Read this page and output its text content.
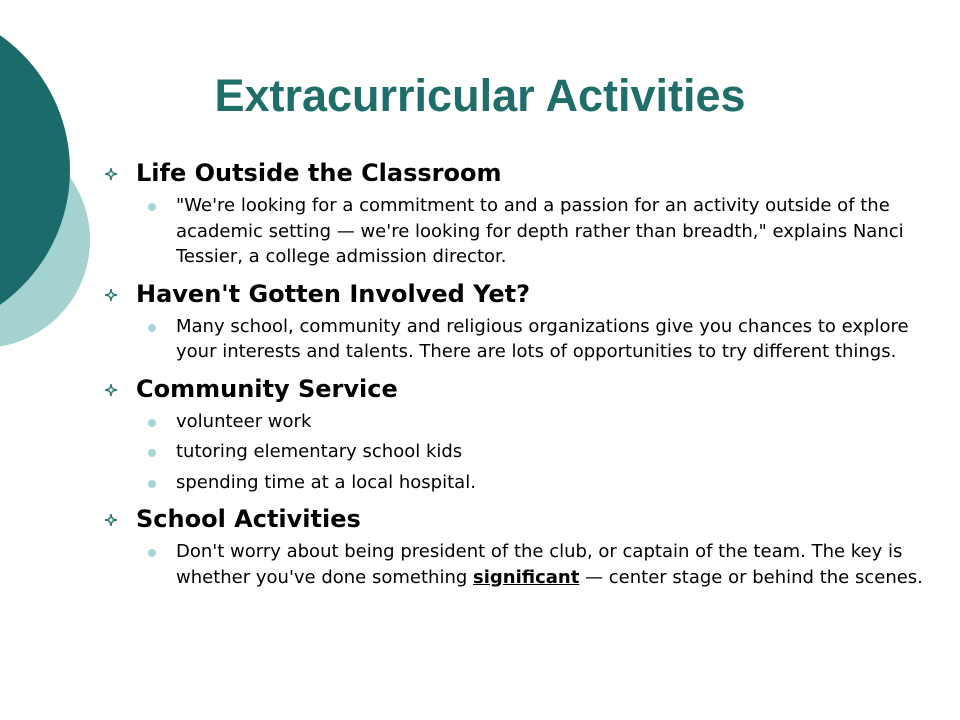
Extracurricular Activities
Life Outside the Classroom
"We're looking for a commitment to and a passion for an activity outside of the academic setting — we're looking for depth rather than breadth," explains Nanci Tessier, a college admission director.
Haven't Gotten Involved Yet?
Many school, community and religious organizations give you chances to explore your interests and talents. There are lots of opportunities to try different things.
Community Service
volunteer work
tutoring elementary school kids
spending time at a local hospital.
School Activities
Don't worry about being president of the club, or captain of the team. The key is whether you've done something significant — center stage or behind the scenes.
